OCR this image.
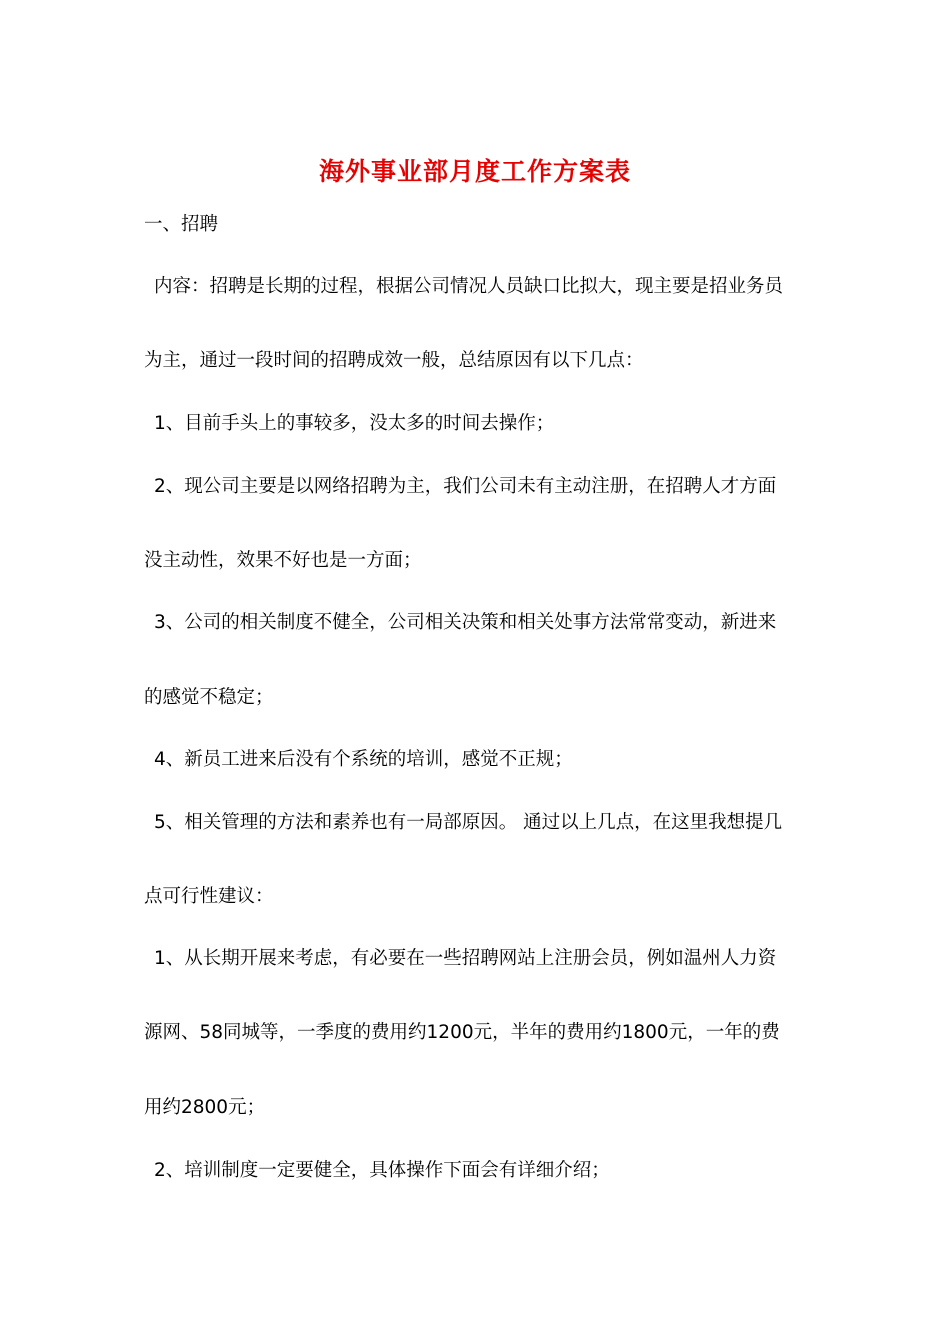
海外事业部月度工作方案表
一、招聘
内容：招聘是长期的过程，根据公司情况人员缺口比拟大，现主要是招业务员
为主，通过一段时间的招聘成效一般，总结原因有以下几点：
1、目前手头上的事较多，没太多的时间去操作；
2、现公司主要是以网络招聘为主，我们公司未有主动注册，在招聘人才方面
没主动性，效果不好也是一方面；
3、公司的相关制度不健全，公司相关决策和相关处事方法常常变动，新进来
的感觉不稳定；
4、新员工进来后没有个系统的培训，感觉不正规；
5、相关管理的方法和素养也有一局部原因。 通过以上几点，在这里我想提几
点可行性建议：
1、从长期开展来考虑，有必要在一些招聘网站上注册会员，例如温州人力资
源网、58同城等，一季度的费用约1200元，半年的费用约1800元，一年的费
用约2800元；
2、培训制度一定要健全，具体操作下面会有详细介绍；
